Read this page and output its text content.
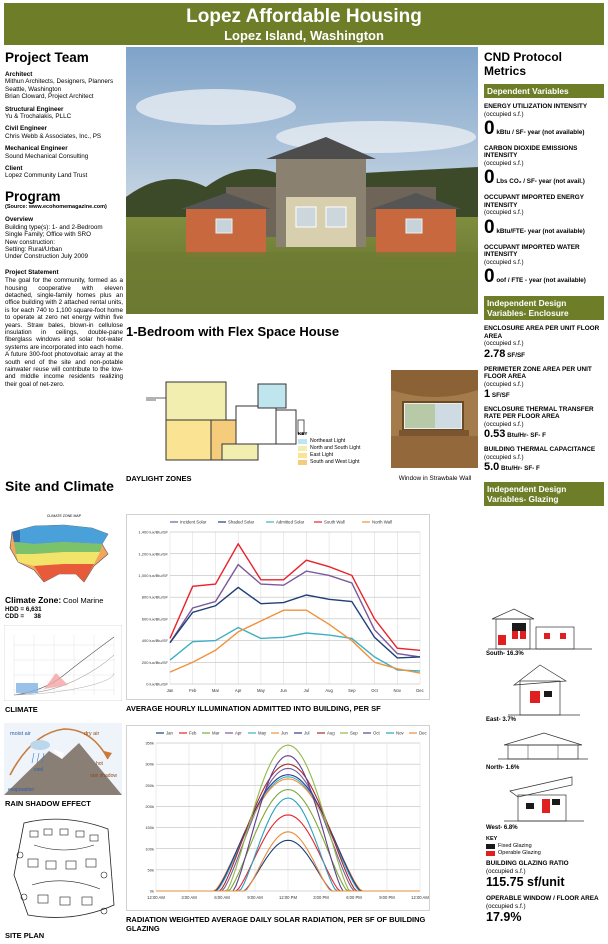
Lopez Affordable Housing
Lopez Island, Washington
Project Team
Architect
Mithun Architects, Designers, Planners
Seattle, Washington
Brian Cloward, Project Architect
Structural Engineer
Yu & Trochalakis, PLLC
Civil Engineer
Chris Webb & Associates, Inc., PS
Mechanical Engineer
Sound Mechanical Consulting
Client
Lopez Community Land Trust
Program
(Source: www.ecohomemagazine.com)
Overview
Building type(s): 1- and 2-Bedroom
Single Family; Office with SRO
New construction:
Setting: Rural/Urban
Under Construction July 2009
Project Statement
The goal for the community, formed as a housing cooperative with eleven detached, single-family homes plus an office building with 2 attached rental units, is for each 740 to 1,100 square-foot home to operate at zero net energy within five years. Straw bales, blown-in cellulose insulation in ceilings, double-pane fiberglass windows and solar hot-water systems are incorporated into each home. A future 300-foot photovoltaic array at the south end of the site and non-potable rainwater reuse will contribute to the low-and middle income residents realizing their goal of net-zero.
Site and Climate
CLIMATE ZONE MAP
Climate Zone: Cool Marine
HDD = 6,631
CDD = 38
CLIMATE
moist air
cool
dry air
hot
rain shadow
evaporation
RAIN SHADOW EFFECT
SITE PLAN
1-Bedroom with Flex Space House
KEY
Northeast Light
North and South Light
East Light
South and West Light
DAYLIGHT ZONES	Window in Strawbale Wall
0 lux/Btu/SF
200 lux/Btu/SF
400 lux/Btu/SF
600 lux/Btu/SF
800 lux/Btu/SF
1,000 lux/Btu/SF
1,200 lux/Btu/SF
1,400 lux/Btu/SF
Jan	Feb	Mar	Apr	May	Jun	Jul	Aug	Sep	Oct	Nov	Dec
Incident Solar	Shaded Solar	Admitted Solar	South Wall	North Wall
AVERAGE HOURLY ILLUMINATION ADMITTED INTO BUILDING, PER SF
0k
50k
100k
150k
200k
250k
300k
350k
12:00 AM	3:00 AM	6:00 AM	9:00 AM	12:00 PM	3:00 PM	6:00 PM	9:00 PM	12:00 AM
Jan	Feb	Mar	Apr	May	Jun	Jul	Aug	Sep	Oct	Nov	Dec
RADIATION WEIGHTED AVERAGE DAILY SOLAR RADIATION, PER SF OF BUILDING GLAZING
CND Protocol Metrics
Dependent Variables
ENERGY UTILIZATION INTENSITY
(occupied s.f.)
0 kBtu / SF- year (not available)
CARBON DIOXIDE EMISSIONS INTENSITY
(occupied s.f.)
0 Lbs CO₂ / SF- year (not avail.)
OCCUPANT IMPORTED ENERGY INTENSITY
(occupied s.f.)
0 kBtu/FTE- year (not available)
OCCUPANT IMPORTED WATER INTENSITY
(occupied s.f.)
0 oof / FTE - year (not available)
Independent Design Variables- Enclosure
ENCLOSURE AREA PER UNIT FLOOR AREA
(occupied s.f.)
2.78 SF/SF
PERIMETER ZONE AREA PER UNIT FLOOR AREA
(occupied s.f.)
1 SF/SF
ENCLOSURE THERMAL TRANSFER RATE PER FLOOR AREA
(occupied s.f.)
0.53 Btu/Hr- SF- F
BUILDING THERMAL CAPACITANCE
(occupied s.f.)
5.0 Btu/Hr- SF- F
Independent Design Variables- Glazing
South- 16.3%
East- 3.7%
North- 1.6%
West- 6.8%
KEY
Fixed Glazing
Operable Glazing
BUILDING GLAZING RATIO
(occupied s.f.)
115.75 sf/unit
OPERABLE WINDOW / FLOOR AREA
(occupied s.f.)
17.9%
